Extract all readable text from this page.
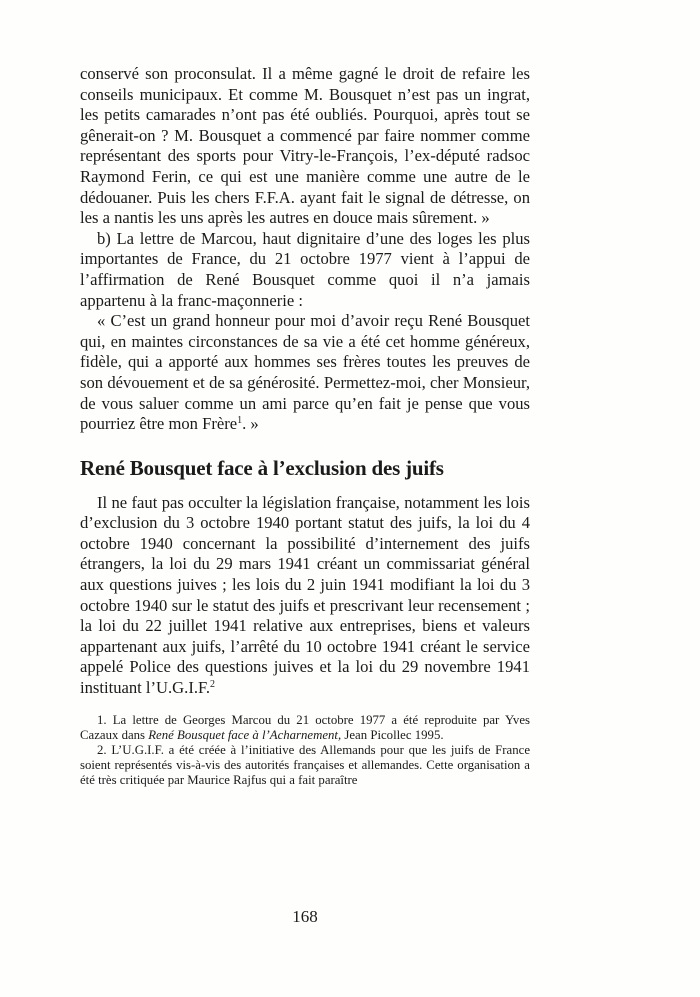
conservé son proconsulat. Il a même gagné le droit de refaire les conseils municipaux. Et comme M. Bousquet n’est pas un ingrat, les petits camarades n’ont pas été oubliés. Pourquoi, après tout se gênerait-on ? M. Bousquet a commencé par faire nommer comme représentant des sports pour Vitry-le-François, l’ex-député radsoc Raymond Ferin, ce qui est une manière comme une autre de le dédouaner. Puis les chers F.F.A. ayant fait le signal de détresse, on les a nantis les uns après les autres en douce mais sûrement. »

b) La lettre de Marcou, haut dignitaire d’une des loges les plus importantes de France, du 21 octobre 1977 vient à l’appui de l’affirmation de René Bousquet comme quoi il n’a jamais appartenu à la franc-maçonnerie :

« C’est un grand honneur pour moi d’avoir reçu René Bousquet qui, en maintes circonstances de sa vie a été cet homme généreux, fidèle, qui a apporté aux hommes ses frères toutes les preuves de son dévouement et de sa générosité. Permettez-moi, cher Monsieur, de vous saluer comme un ami parce qu’en fait je pense que vous pourriez être mon Frère$^1$. »

René Bousquet face à l’exclusion des juifs

Il ne faut pas occulter la législation française, notamment les lois d’exclusion du 3 octobre 1940 portant statut des juifs, la loi du 4 octobre 1940 concernant la possibilité d’internement des juifs étrangers, la loi du 29 mars 1941 créant un commissariat général aux questions juives ; les lois du 2 juin 1941 modifiant la loi du 3 octobre 1940 sur le statut des juifs et prescrivant leur recensement ; la loi du 22 juillet 1941 relative aux entreprises, biens et valeurs appartenant aux juifs, l’arrêté du 10 octobre 1941 créant le service appelé Police des questions juives et la loi du 29 novembre 1941 instituant l’U.G.I.F.$^2$

1. La lettre de Georges Marcou du 21 octobre 1977 a été reproduite par Yves Cazaux dans René Bousquet face à l’Acharnement, Jean Picollec 1995.

2. L’U.G.I.F. a été créée à l’initiative des Allemands pour que les juifs de France soient représentés vis-à-vis des autorités françaises et allemandes. Cette organisation a été très critiquée par Maurice Rajfus qui a fait paraître

168
